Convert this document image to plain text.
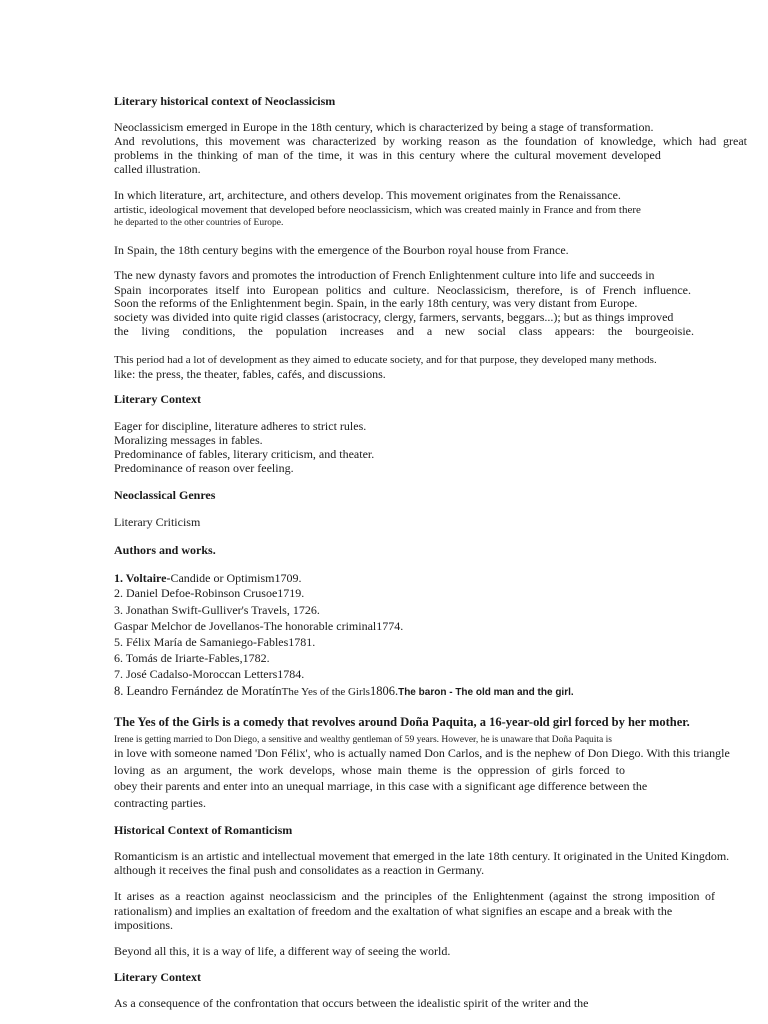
Literary historical context of Neoclassicism
Neoclassicism emerged in Europe in the 18th century, which is characterized by being a stage of transformation.
And revolutions, this movement was characterized by working reason as the foundation of knowledge, which had great
problems in the thinking of man of the time, it was in this century where the cultural movement developed
called illustration.
In which literature, art, architecture, and others develop. This movement originates from the Renaissance.
artistic, ideological movement that developed before neoclassicism, which was created mainly in France and from there
he departed to the other countries of Europe.
In Spain, the 18th century begins with the emergence of the Bourbon royal house from France.
The new dynasty favors and promotes the introduction of French Enlightenment culture into life and succeeds in
Spain incorporates itself into European politics and culture. Neoclassicism, therefore, is of French influence.
Soon the reforms of the Enlightenment begin. Spain, in the early 18th century, was very distant from Europe.
society was divided into quite rigid classes (aristocracy, clergy, farmers, servants, beggars...); but as things improved
the living conditions, the population increases and a new social class appears: the bourgeoisie.
This period had a lot of development as they aimed to educate society, and for that purpose, they developed many methods.
like: the press, the theater, fables, cafés, and discussions.
Literary Context
Eager for discipline, literature adheres to strict rules.
Moralizing messages in fables.
Predominance of fables, literary criticism, and theater.
Predominance of reason over feeling.
Neoclassical Genres
Literary Criticism
Authors and works.
1. Voltaire-Candide or Optimism1709.
2. Daniel Defoe-Robinson Crusoe1719.
3. Jonathan Swift-Gulliver's Travels, 1726.
Gaspar Melchor de Jovellanos-The honorable criminal1774.
5. Félix María de Samaniego-Fables1781.
6. Tomás de Iriarte-Fables,1782.
7. José Cadalso-Moroccan Letters1784.
8. Leandro Fernández de MoratínThe Yes of the Girls1806.The baron - The old man and the girl.
The Yes of the Girls is a comedy that revolves around Doña Paquita, a 16-year-old girl forced by her mother.
Irene is getting married to Don Diego, a sensitive and wealthy gentleman of 59 years. However, he is unaware that Doña Paquita is
in love with someone named 'Don Félix', who is actually named Don Carlos, and is the nephew of Don Diego. With this triangle
loving as an argument, the work develops, whose main theme is the oppression of girls forced to
obey their parents and enter into an unequal marriage, in this case with a significant age difference between the
contracting parties.
Historical Context of Romanticism
Romanticism is an artistic and intellectual movement that emerged in the late 18th century. It originated in the United Kingdom.
although it receives the final push and consolidates as a reaction in Germany.
It arises as a reaction against neoclassicism and the principles of the Enlightenment (against the strong imposition of
rationalism) and implies an exaltation of freedom and the exaltation of what signifies an escape and a break with the
impositions.
Beyond all this, it is a way of life, a different way of seeing the world.
Literary Context
As a consequence of the confrontation that occurs between the idealistic spirit of the writer and the
